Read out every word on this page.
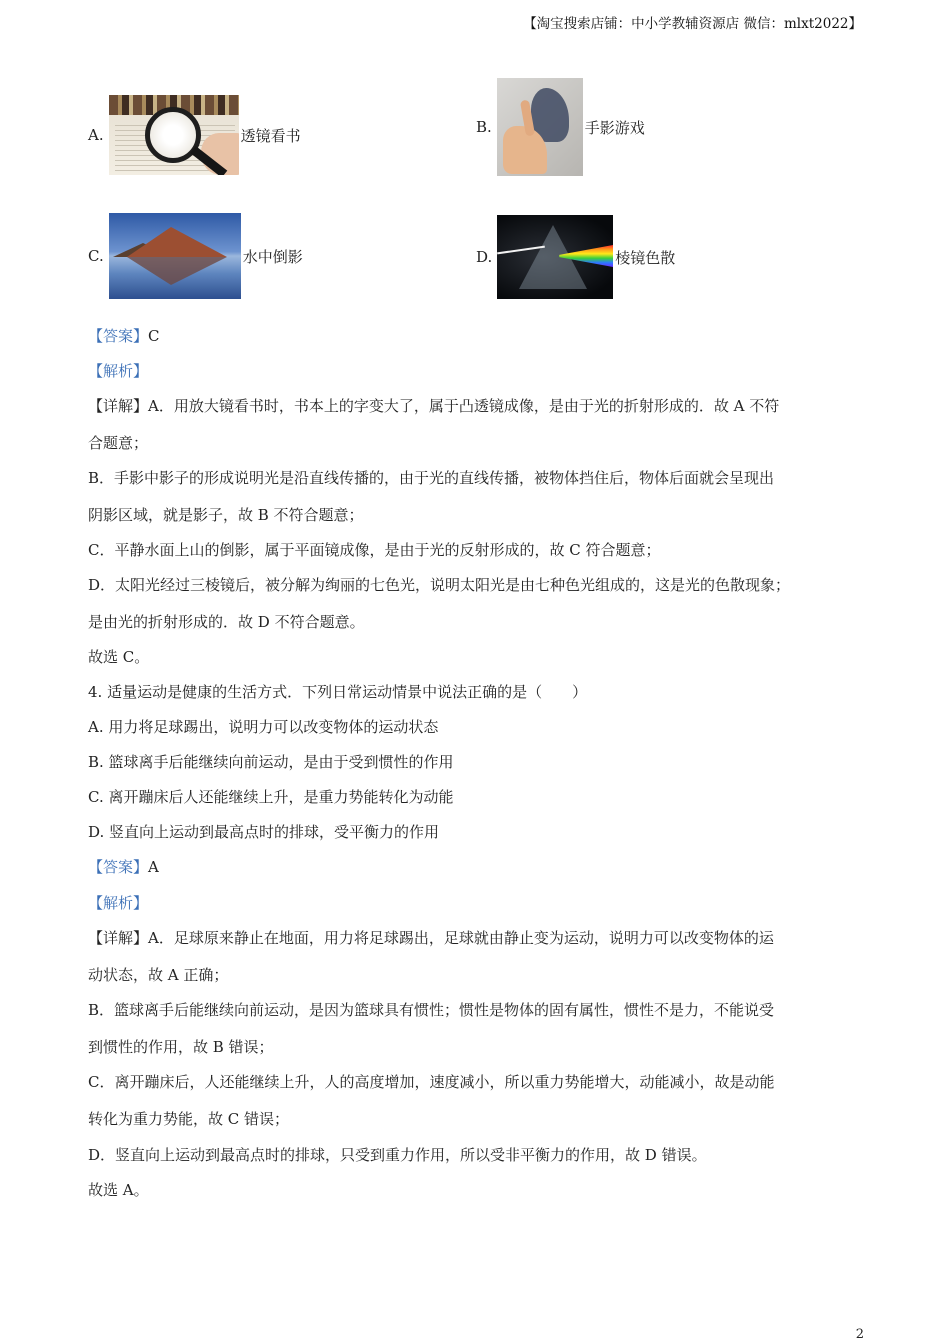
【淘宝搜索店铺：中小学教辅资源店 微信：mlxt2022】
A.	透镜看书	B.	手影游戏
C.	水中倒影	D.	棱镜色散
【答案】C
【解析】
【详解】A．用放大镜看书时，书本上的字变大了，属于凸透镜成像，是由于光的折射形成的．故 A 不符
合题意；
B．手影中影子的形成说明光是沿直线传播的，由于光的直线传播，被物体挡住后，物体后面就会呈现出
阴影区域，就是影子，故 B 不符合题意；
C．平静水面上山的倒影，属于平面镜成像，是由于光的反射形成的，故 C 符合题意；
D．太阳光经过三棱镜后，被分解为绚丽的七色光，说明太阳光是由七种色光组成的，这是光的色散现象；
是由光的折射形成的．故 D 不符合题意。
故选 C。
4. 适量运动是健康的生活方式．下列日常运动情景中说法正确的是（　　）
A. 用力将足球踢出，说明力可以改变物体的运动状态
B. 篮球离手后能继续向前运动，是由于受到惯性的作用
C. 离开蹦床后人还能继续上升，是重力势能转化为动能
D. 竖直向上运动到最高点时的排球，受平衡力的作用
【答案】A
【解析】
【详解】A．足球原来静止在地面，用力将足球踢出，足球就由静止变为运动，说明力可以改变物体的运
动状态，故 A 正确；
B．篮球离手后能继续向前运动，是因为篮球具有惯性；惯性是物体的固有属性，惯性不是力，不能说受
到惯性的作用，故 B 错误；
C．离开蹦床后，人还能继续上升，人的高度增加，速度减小，所以重力势能增大，动能减小，故是动能
转化为重力势能，故 C 错误；
D．竖直向上运动到最高点时的排球，只受到重力作用，所以受非平衡力的作用，故 D 错误。
故选 A。
2
